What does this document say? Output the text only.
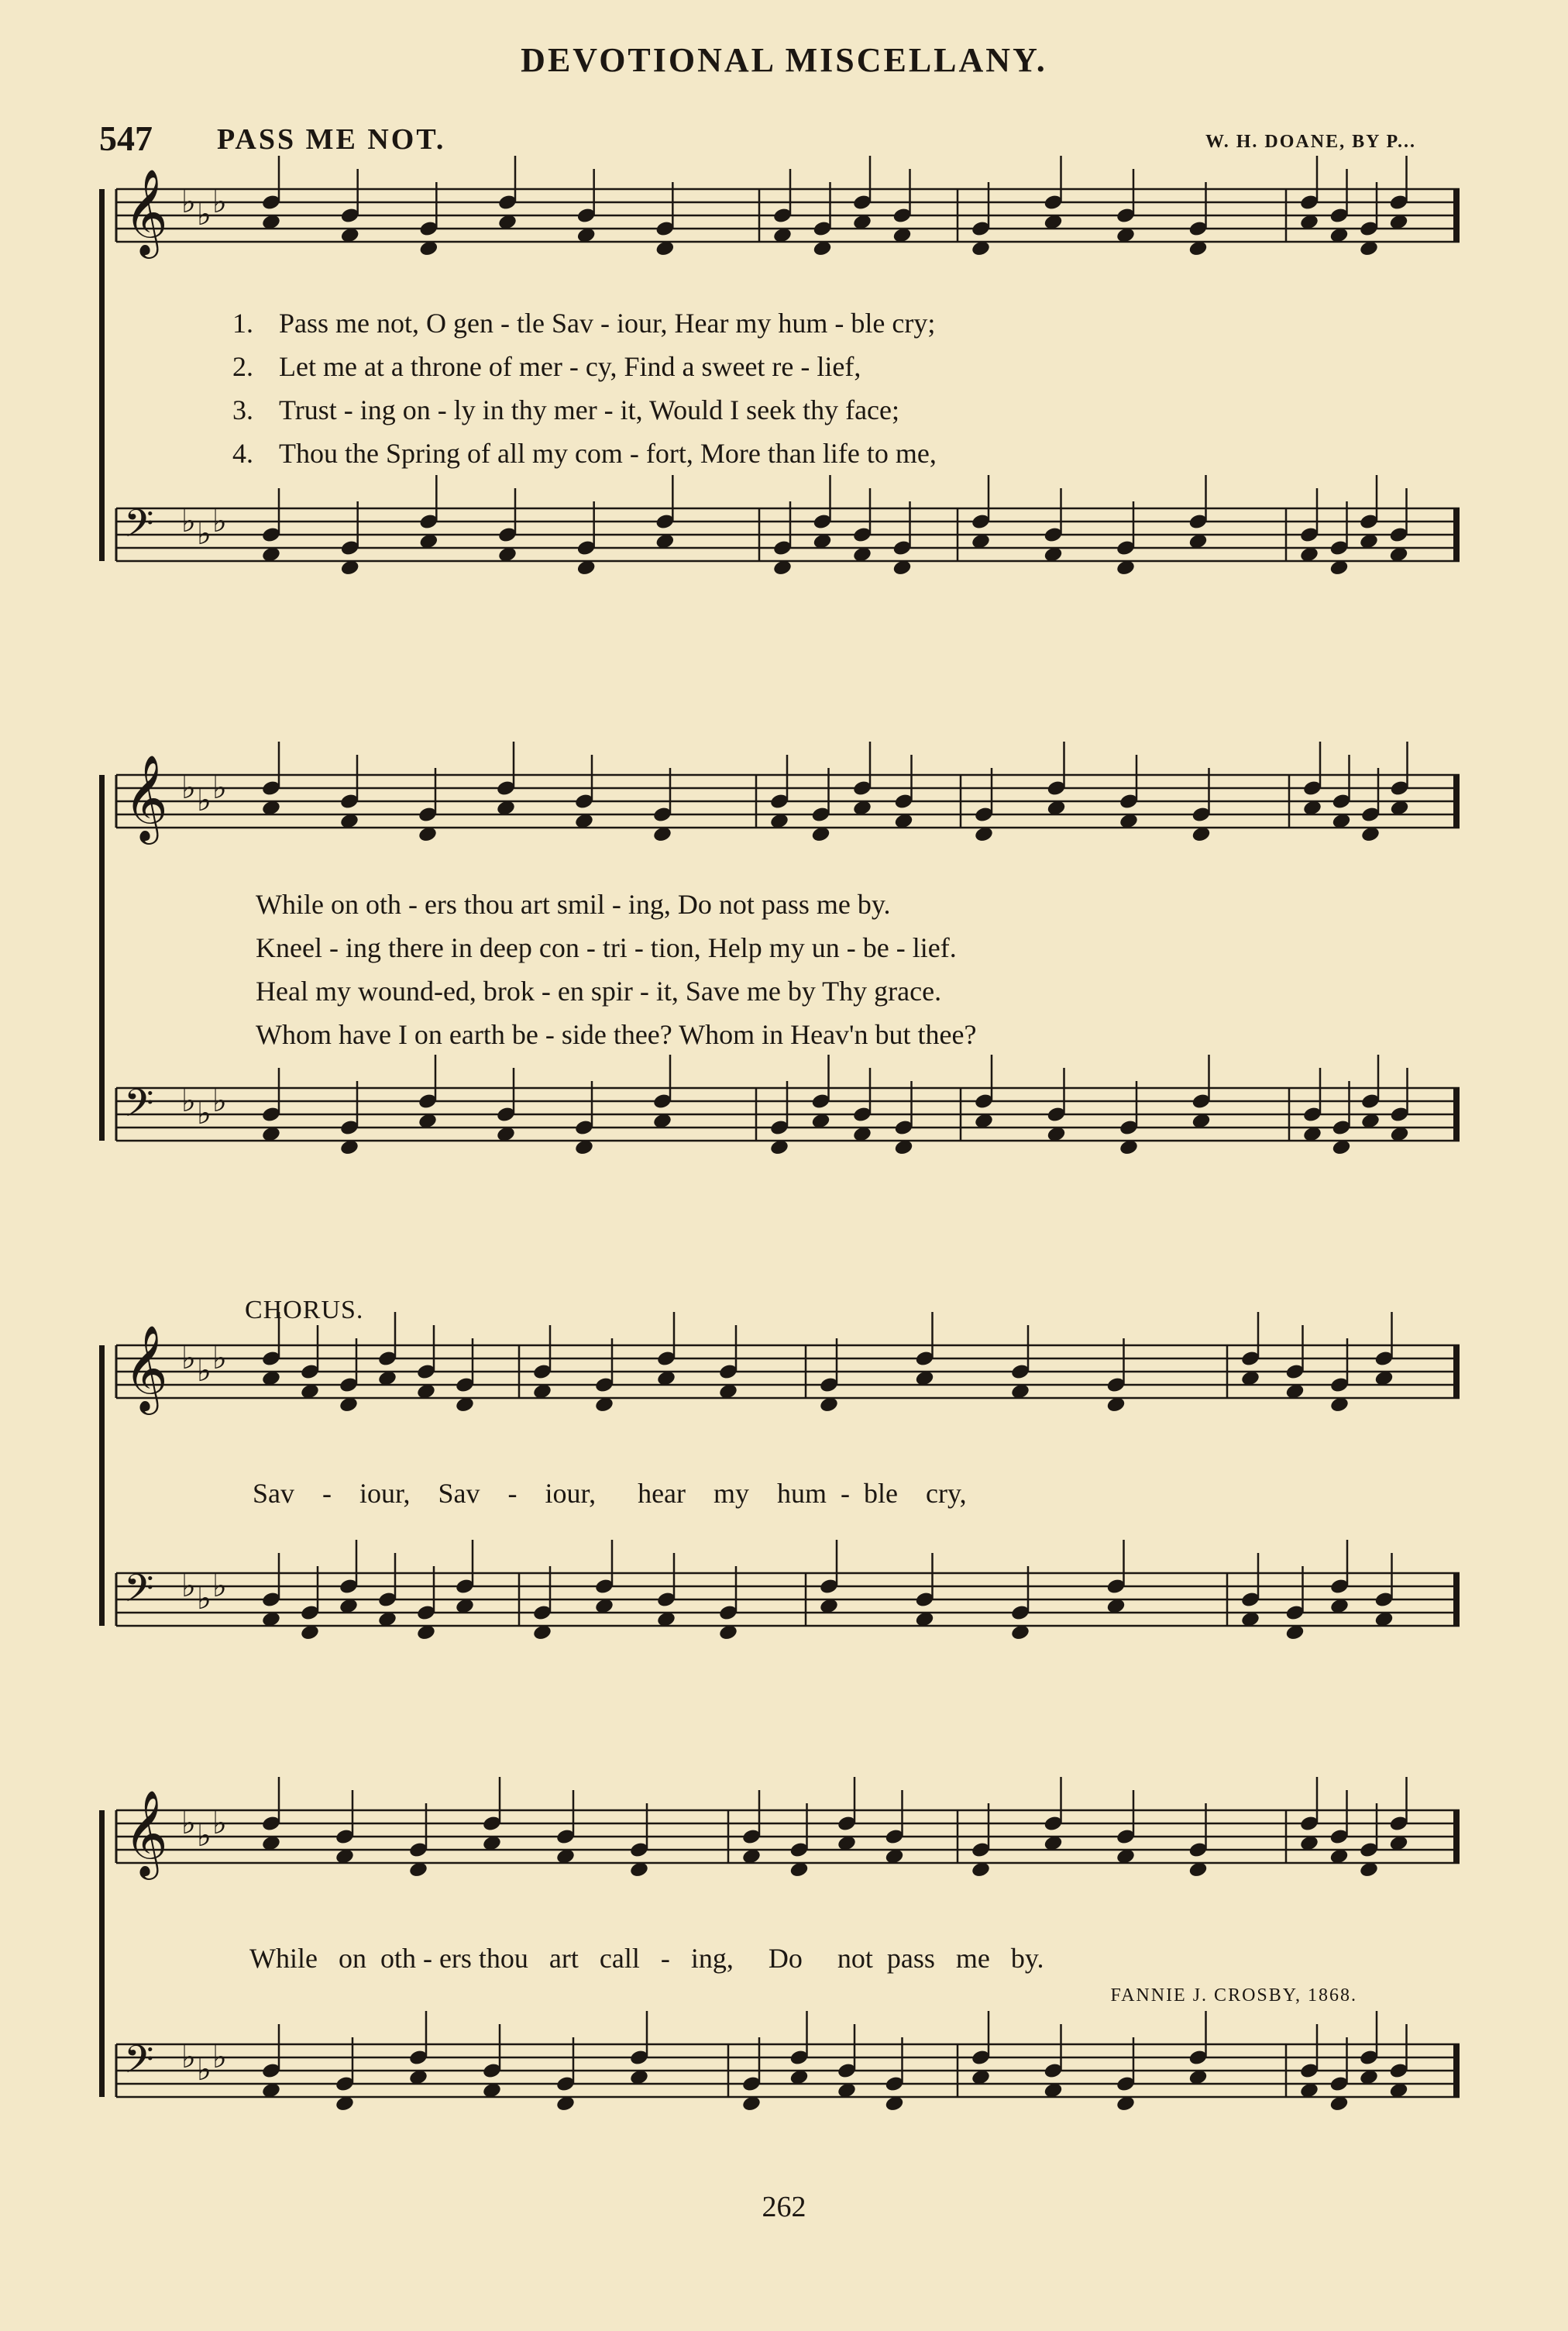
DEVOTIONAL MISCELLANY.
547 PASS ME NOT.	W. H. DOANE, BY P...
𝄞 ♭ ♭ ♭
𝄢 ♭ ♭ ♭
𝄞 ♭ ♭ ♭
𝄢 ♭ ♭ ♭
𝄞 ♭ ♭ ♭
𝄢 ♭ ♭ ♭
𝄞 ♭ ♭ ♭
𝄢 ♭ ♭ ♭
1. Pass me not, O gen - tle Sav - iour, Hear my hum - ble cry;
2. Let me at a throne of mer - cy, Find a sweet re - lief,
3. Trust - ing on - ly in thy mer - it, Would I seek thy face;
4. Thou the Spring of all my com - fort, More than life to me,
While on oth - ers thou art smil - ing, Do not pass me by.
Kneel - ing there in deep con - tri - tion, Help my un - be - lief.
Heal my wound-ed, brok - en spir - it, Save me by Thy grace.
Whom have I on earth be - side thee? Whom in Heav'n but thee?
CHORUS.
Sav    -    iour,    Sav    -    iour,      hear    my    hum  -  ble    cry,
While   on  oth - ers thou   art   call   -   ing,     Do     not  pass   me   by.
FANNIE J. CROSBY, 1868.
262
